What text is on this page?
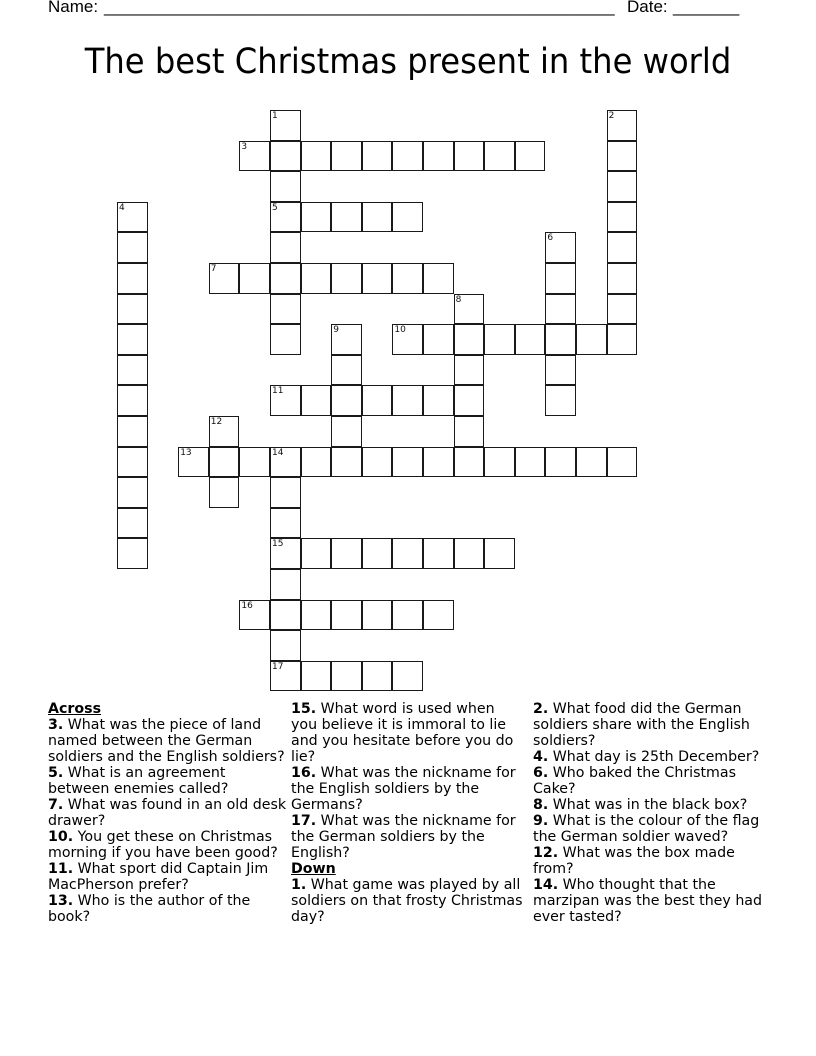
Name: ______________________________________________________ Date: _______
The best Christmas present in the world
1
5
2
3
4
6
7
8
9	10
11
12
13	14
15
17
16
Across
3. What was the piece of land named between the German soldiers and the English soldiers?
5. What is an agreement between enemies called?
7. What was found in an old desk drawer?
10. You get these on Christmas morning if you have been good?
11. What sport did Captain Jim MacPherson prefer?
13. Who is the author of the book?
15. What word is used when you believe it is immoral to lie and you hesitate before you do lie?
16. What was the nickname for the English soldiers by the Germans?
17. What was the nickname for the German soldiers by the English?
Down
1. What game was played by all soldiers on that frosty Christmas day?
2. What food did the German soldiers share with the English soldiers?
4. What day is 25th December?
6. Who baked the Christmas Cake?
8. What was in the black box?
9. What is the colour of the flag the German soldier waved?
12. What was the box made from?
14. Who thought that the marzipan was the best they had ever tasted?
